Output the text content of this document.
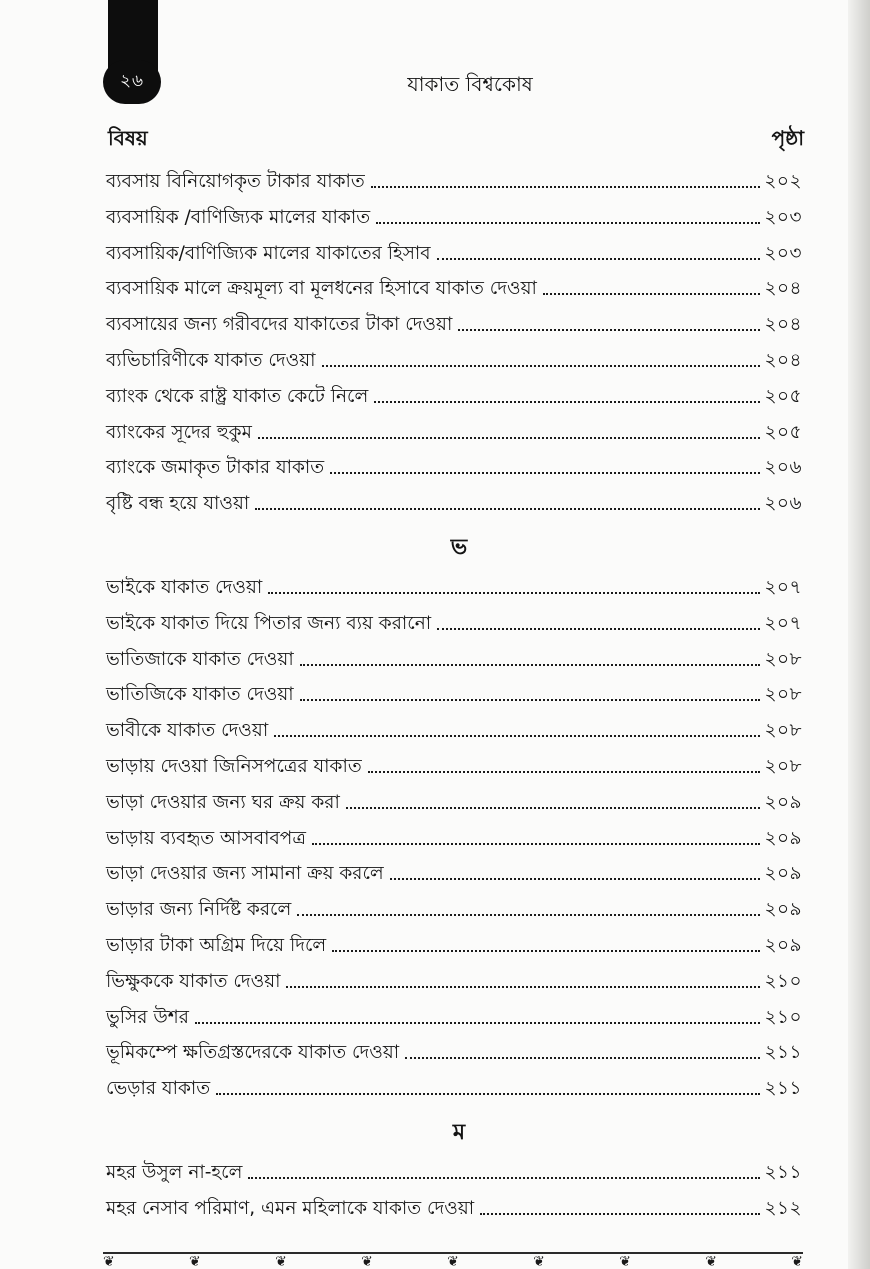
২৬	যাকাত বিশ্বকোষ
বিষয়	পৃষ্ঠা
ব্যবসায় বিনিয়োগকৃত টাকার যাকাত	২০২
ব্যবসায়িক /বাণিজ্যিক মালের যাকাত	২০৩
ব্যবসায়িক/বাণিজ্যিক মালের যাকাতের হিসাব	২০৩
ব্যবসায়িক মালে ক্রয়মূল্য বা মূলধনের হিসাবে যাকাত দেওয়া	২০৪
ব্যবসায়ের জন্য গরীবদের যাকাতের টাকা দেওয়া	২০৪
ব্যভিচারিণীকে যাকাত দেওয়া	২০৪
ব্যাংক থেকে রাষ্ট্র যাকাত কেটে নিলে	২০৫
ব্যাংকের সূদের হুকুম	২০৫
ব্যাংকে জমাকৃত টাকার যাকাত	২০৬
বৃষ্টি বন্ধ হয়ে যাওয়া	২০৬
ভ
ভাইকে যাকাত দেওয়া	২০৭
ভাইকে যাকাত দিয়ে পিতার জন্য ব্যয় করানো	২০৭
ভাতিজাকে যাকাত দেওয়া	২০৮
ভাতিজিকে যাকাত দেওয়া	২০৮
ভাবীকে যাকাত দেওয়া	২০৮
ভাড়ায় দেওয়া জিনিসপত্রের যাকাত	২০৮
ভাড়া দেওয়ার জন্য ঘর ক্রয় করা	২০৯
ভাড়ায় ব্যবহৃত আসবাবপত্র	২০৯
ভাড়া দেওয়ার জন্য সামানা ক্রয় করলে	২০৯
ভাড়ার জন্য নির্দিষ্ট করলে	২০৯
ভাড়ার টাকা অগ্রিম দিয়ে দিলে	২০৯
ভিক্ষুককে যাকাত দেওয়া	২১০
ভুসির উশর	২১০
ভূমিকম্পে ক্ষতিগ্রস্তদেরকে যাকাত দেওয়া	২১১
ভেড়ার যাকাত	২১১
ম
মহর উসুল না-হলে	২১১
মহর নেসাব পরিমাণ, এমন মহিলাকে যাকাত দেওয়া	২১২
❦	❦	❦	❦	❦	❦	❦	❦	❦
